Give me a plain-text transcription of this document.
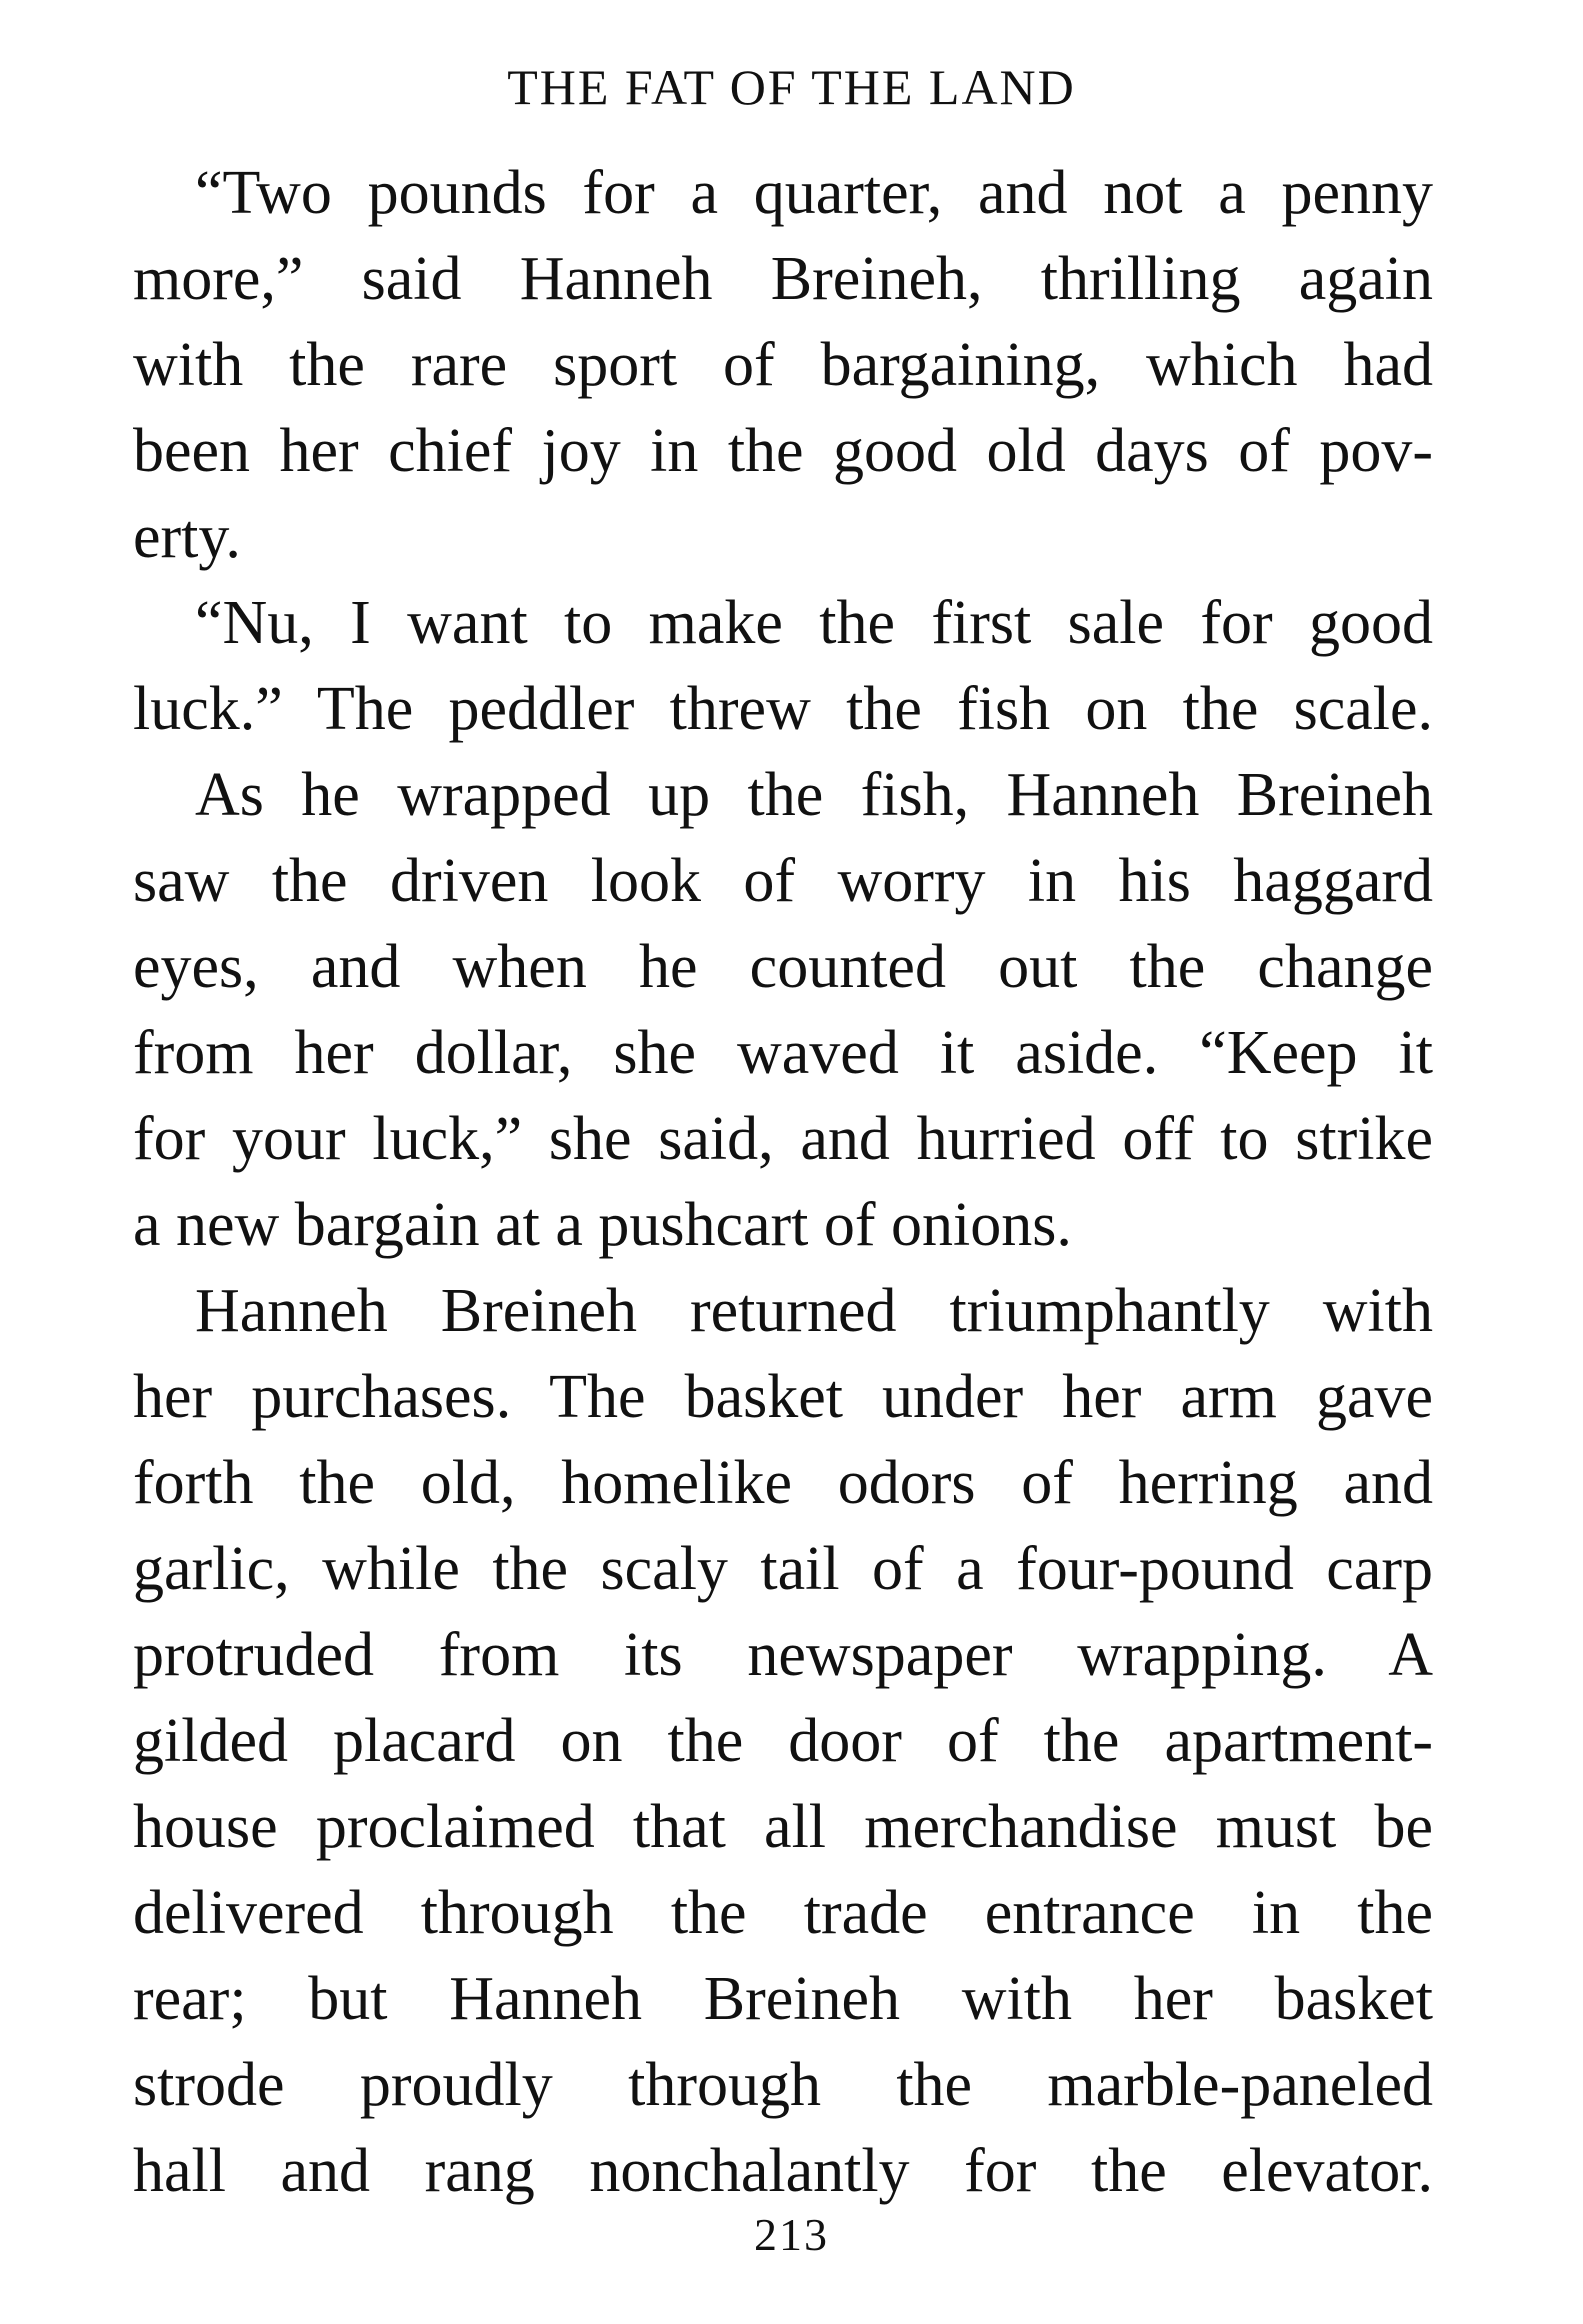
THE FAT OF THE LAND
“Two pounds for a quarter, and not a penny
more,” said Hanneh Breineh, thrilling again
with the rare sport of bargaining, which had
been her chief joy in the good old days of pov-
erty.
“Nu, I want to make the first sale for good
luck.” The peddler threw the fish on the scale.
As he wrapped up the fish, Hanneh Breineh
saw the driven look of worry in his haggard
eyes, and when he counted out the change
from her dollar, she waved it aside. “Keep it
for your luck,” she said, and hurried off to strike
a new bargain at a pushcart of onions.
Hanneh Breineh returned triumphantly with
her purchases. The basket under her arm gave
forth the old, homelike odors of herring and
garlic, while the scaly tail of a four-pound carp
protruded from its newspaper wrapping. A
gilded placard on the door of the apartment-
house proclaimed that all merchandise must be
delivered through the trade entrance in the
rear; but Hanneh Breineh with her basket
strode proudly through the marble-paneled
hall and rang nonchalantly for the elevator.
213
